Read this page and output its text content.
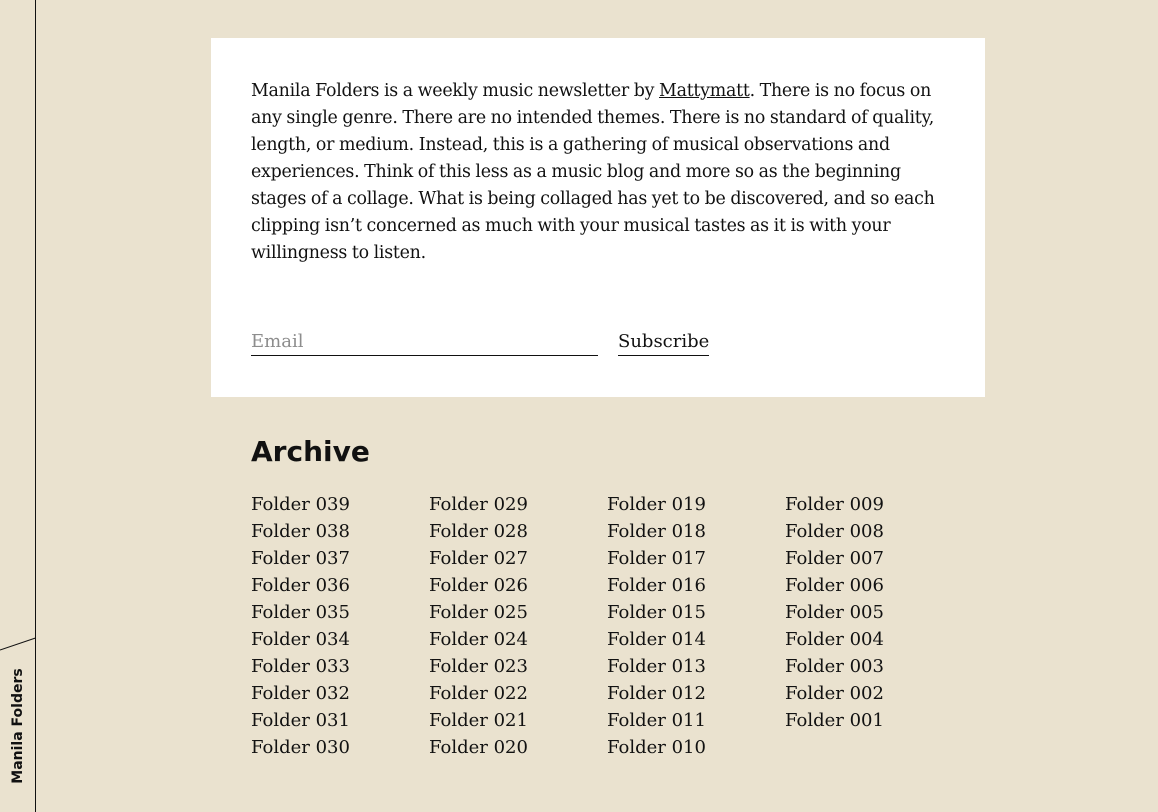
Manila Folders

Manila Folders is a weekly music newsletter by Mattymatt. There is no focus on any single genre. There are no intended themes. There is no standard of quality, length, or medium. Instead, this is a gathering of musical observations and experiences. Think of this less as a music blog and more so as the beginning stages of a collage. What is being collaged has yet to be discovered, and so each clipping isn’t concerned as much with your musical tastes as it is with your willingness to listen.

Email
Subscribe
Archive
Folder 039
Folder 038
Folder 037
Folder 036
Folder 035
Folder 034
Folder 033
Folder 032
Folder 031
Folder 030
Folder 029
Folder 028
Folder 027
Folder 026
Folder 025
Folder 024
Folder 023
Folder 022
Folder 021
Folder 020
Folder 019
Folder 018
Folder 017
Folder 016
Folder 015
Folder 014
Folder 013
Folder 012
Folder 011
Folder 010
Folder 009
Folder 008
Folder 007
Folder 006
Folder 005
Folder 004
Folder 003
Folder 002
Folder 001
